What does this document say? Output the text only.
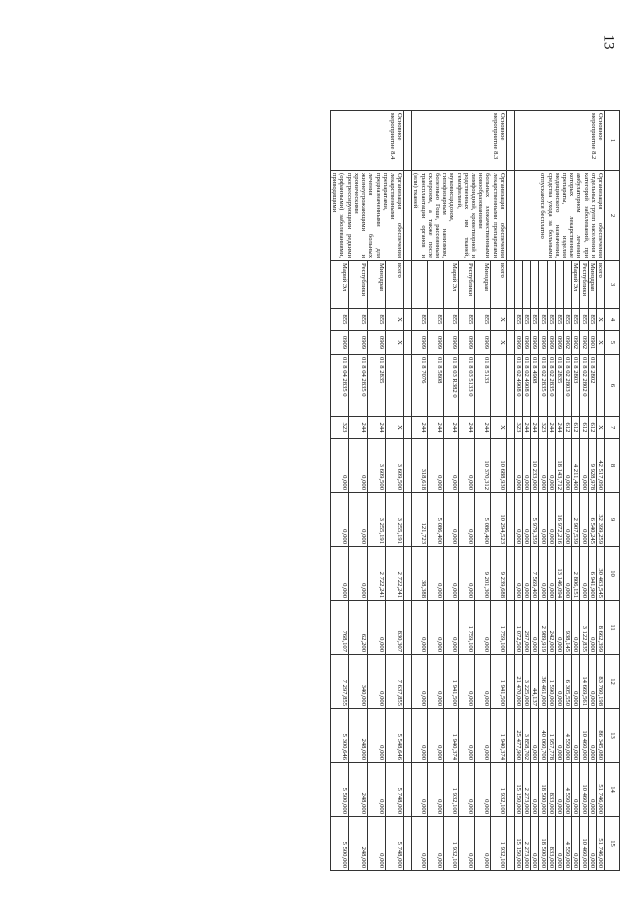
13
1	2	3	4	5	6	7	8	9	10	11	12	13	14	15
Основное мероприятие 8.2	Организация обеспечения отдельных групп населения и категорий заболеваний, при амбулаторном лечении которых лекарственные препараты, изделия медицинского назначения, средства ухода за больными отпускаются бесплатно	всего	Х	Х		Х	42 517,090	32 399,259	30 463,545	8 662,399	83 760,198	86 345,080	51 746,000	51 746,000

		Минздрав	855	0901	01 8 2802	612	9 928,978	6 540,245	6 941,900	0,000	0,000	0,000	0,000	0,000

		Республики	855	0902	01 8 02 2802 0	612	0,000	0,000	0,000	3 122,835	14 669,561	10 460,000	10 460,000	10 460,000

		Марий Эл	855	0902	01 8 2803	612	4 211,400	2 907,539	2 806,151	0,000	0,000	0,000	0,000	0,000
			855	0902	01 8 02 2803 0	612	0,000	0,000	0,000	938,145	6 305,550	4 550,000	4 550,000	4 550,000
			855	0909	01 8 2835	244	18 143,712	16 972,216	13 146,094	0,000	0,000	0,000	0,000	0,000
			855	0909	01 8 02 2835 0	244	0,000	0,000	0,000	242,000	1 590,000	1 957,778	833,000	833,000
			855	0909	01 8 02 2835 0	323	0,000	0,000	0,000	2 989,919	36 461,000	40 060,700	18 500,000	18 500,000
			855	0909	01 8 4908	244	10 233,000	5 979,359	7 569,400	0,000	44,137	0,000	0,000	0,000
			855	0909	01 8 02 4908 0	244	0,000	0,000	0,000	297,000	3 225,000	3 858,702	2 273,000	2 273,000
			855	0909	01 8 02 4908 0	323	0,000	0,000	0,000	1 072,500	21 470,000	25 477,900	15 150,000	15 150,000

Основное мероприятие 8.3	Организация обеспечения лекарственными препаратами больных злокачественными новообразованиями лимфоидной, кроветворной и родственных им тканей, гемофилией, муковисцидозом, гипофизарным нанизмом, болезнью Гоше, рассеянным склерозом, а также после трансплантации органов и (или) тканей	всего	Х	Х		Х	10 688,930	10 294,523	9 239,688	1 759,100	1 941,500	1 940,374	1 932,100	1 932,100

		Минздрав	855	0909	01 8 5133	244	10 370,312	5 086,400	9 201,300	0,000	0,000	0,000	0,000	0,000

		Республики	855	0909	01 8 03 5133 0	244	0,000	0,000	0,000	1 759,100	0,000	0,000	0,000	0,000

		Марий Эл	855	0909	01 8 03 R382 0	244	0,000	0,000	0,000	0,000	1 941,500	1 940,374	1 932,100	1 932,100
			855	0909	01 8 5808	244	0,000	5 086,400	0,000	0,000	0,000	0,000	0,000	0,000
			855	0909	01 8 7076	244	318,618	121,723	38,388	0,000	0,000	0,000	0,000	0,000

Основное мероприятие 8.4	Организация обеспечения лекарственными препаратами, предназначенными для лечения больных жизнеугрожающими и хроническими прогрессирующими редкими (орфанными) заболеваниями, приводящими	всего	Х	Х		Х	3 609,500	3 255,191	2 722,241	830,307	7 637,855	5 548,646	5 748,000	5 748,000

		Минздрав	855	0909	01 8 2835	244	3 609,500	3 255,191	2 722,241	0,000	0,000	0,000	0,000	0,000

		Республики	855	0909	01 8 04 2835 0	244	0,000	0,000	0,000	62,200	340,000	248,000	248,000	248,000

		Марий Эл	855	0909	01 8 04 2835 0	323	0,000	0,000	0,000	768,107	7 297,855	5 300,646	5 500,000	5 500,000
